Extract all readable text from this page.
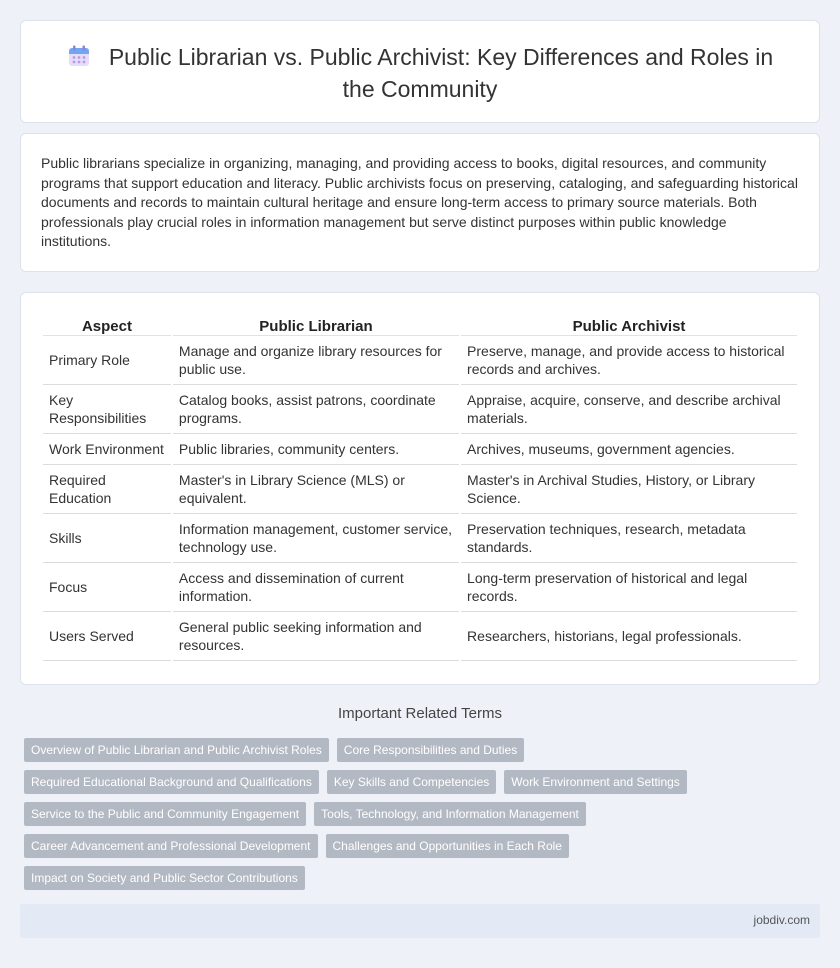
Public Librarian vs. Public Archivist: Key Differences and Roles in the Community

Public librarians specialize in organizing, managing, and providing access to books, digital resources, and community programs that support education and literacy. Public archivists focus on preserving, cataloging, and safeguarding historical documents and records to maintain cultural heritage and ensure long-term access to primary source materials. Both professionals play crucial roles in information management but serve distinct purposes within public knowledge institutions.

Aspect	Public Librarian	Public Archivist
Primary Role	Manage and organize library resources for public use.	Preserve, manage, and provide access to historical records and archives.
Key Responsibilities	Catalog books, assist patrons, coordinate programs.	Appraise, acquire, conserve, and describe archival materials.
Work Environment	Public libraries, community centers.	Archives, museums, government agencies.
Required Education	Master's in Library Science (MLS) or equivalent.	Master's in Archival Studies, History, or Library Science.
Skills	Information management, customer service, technology use.	Preservation techniques, research, metadata standards.
Focus	Access and dissemination of current information.	Long-term preservation of historical and legal records.
Users Served	General public seeking information and resources.	Researchers, historians, legal professionals.
Important Related Terms
Overview of Public Librarian and Public Archivist Roles Core Responsibilities and Duties
Required Educational Background and Qualifications Key Skills and Competencies Work Environment and Settings
Service to the Public and Community Engagement Tools, Technology, and Information Management
Career Advancement and Professional Development Challenges and Opportunities in Each Role
Impact on Society and Public Sector Contributions
jobdiv.com
